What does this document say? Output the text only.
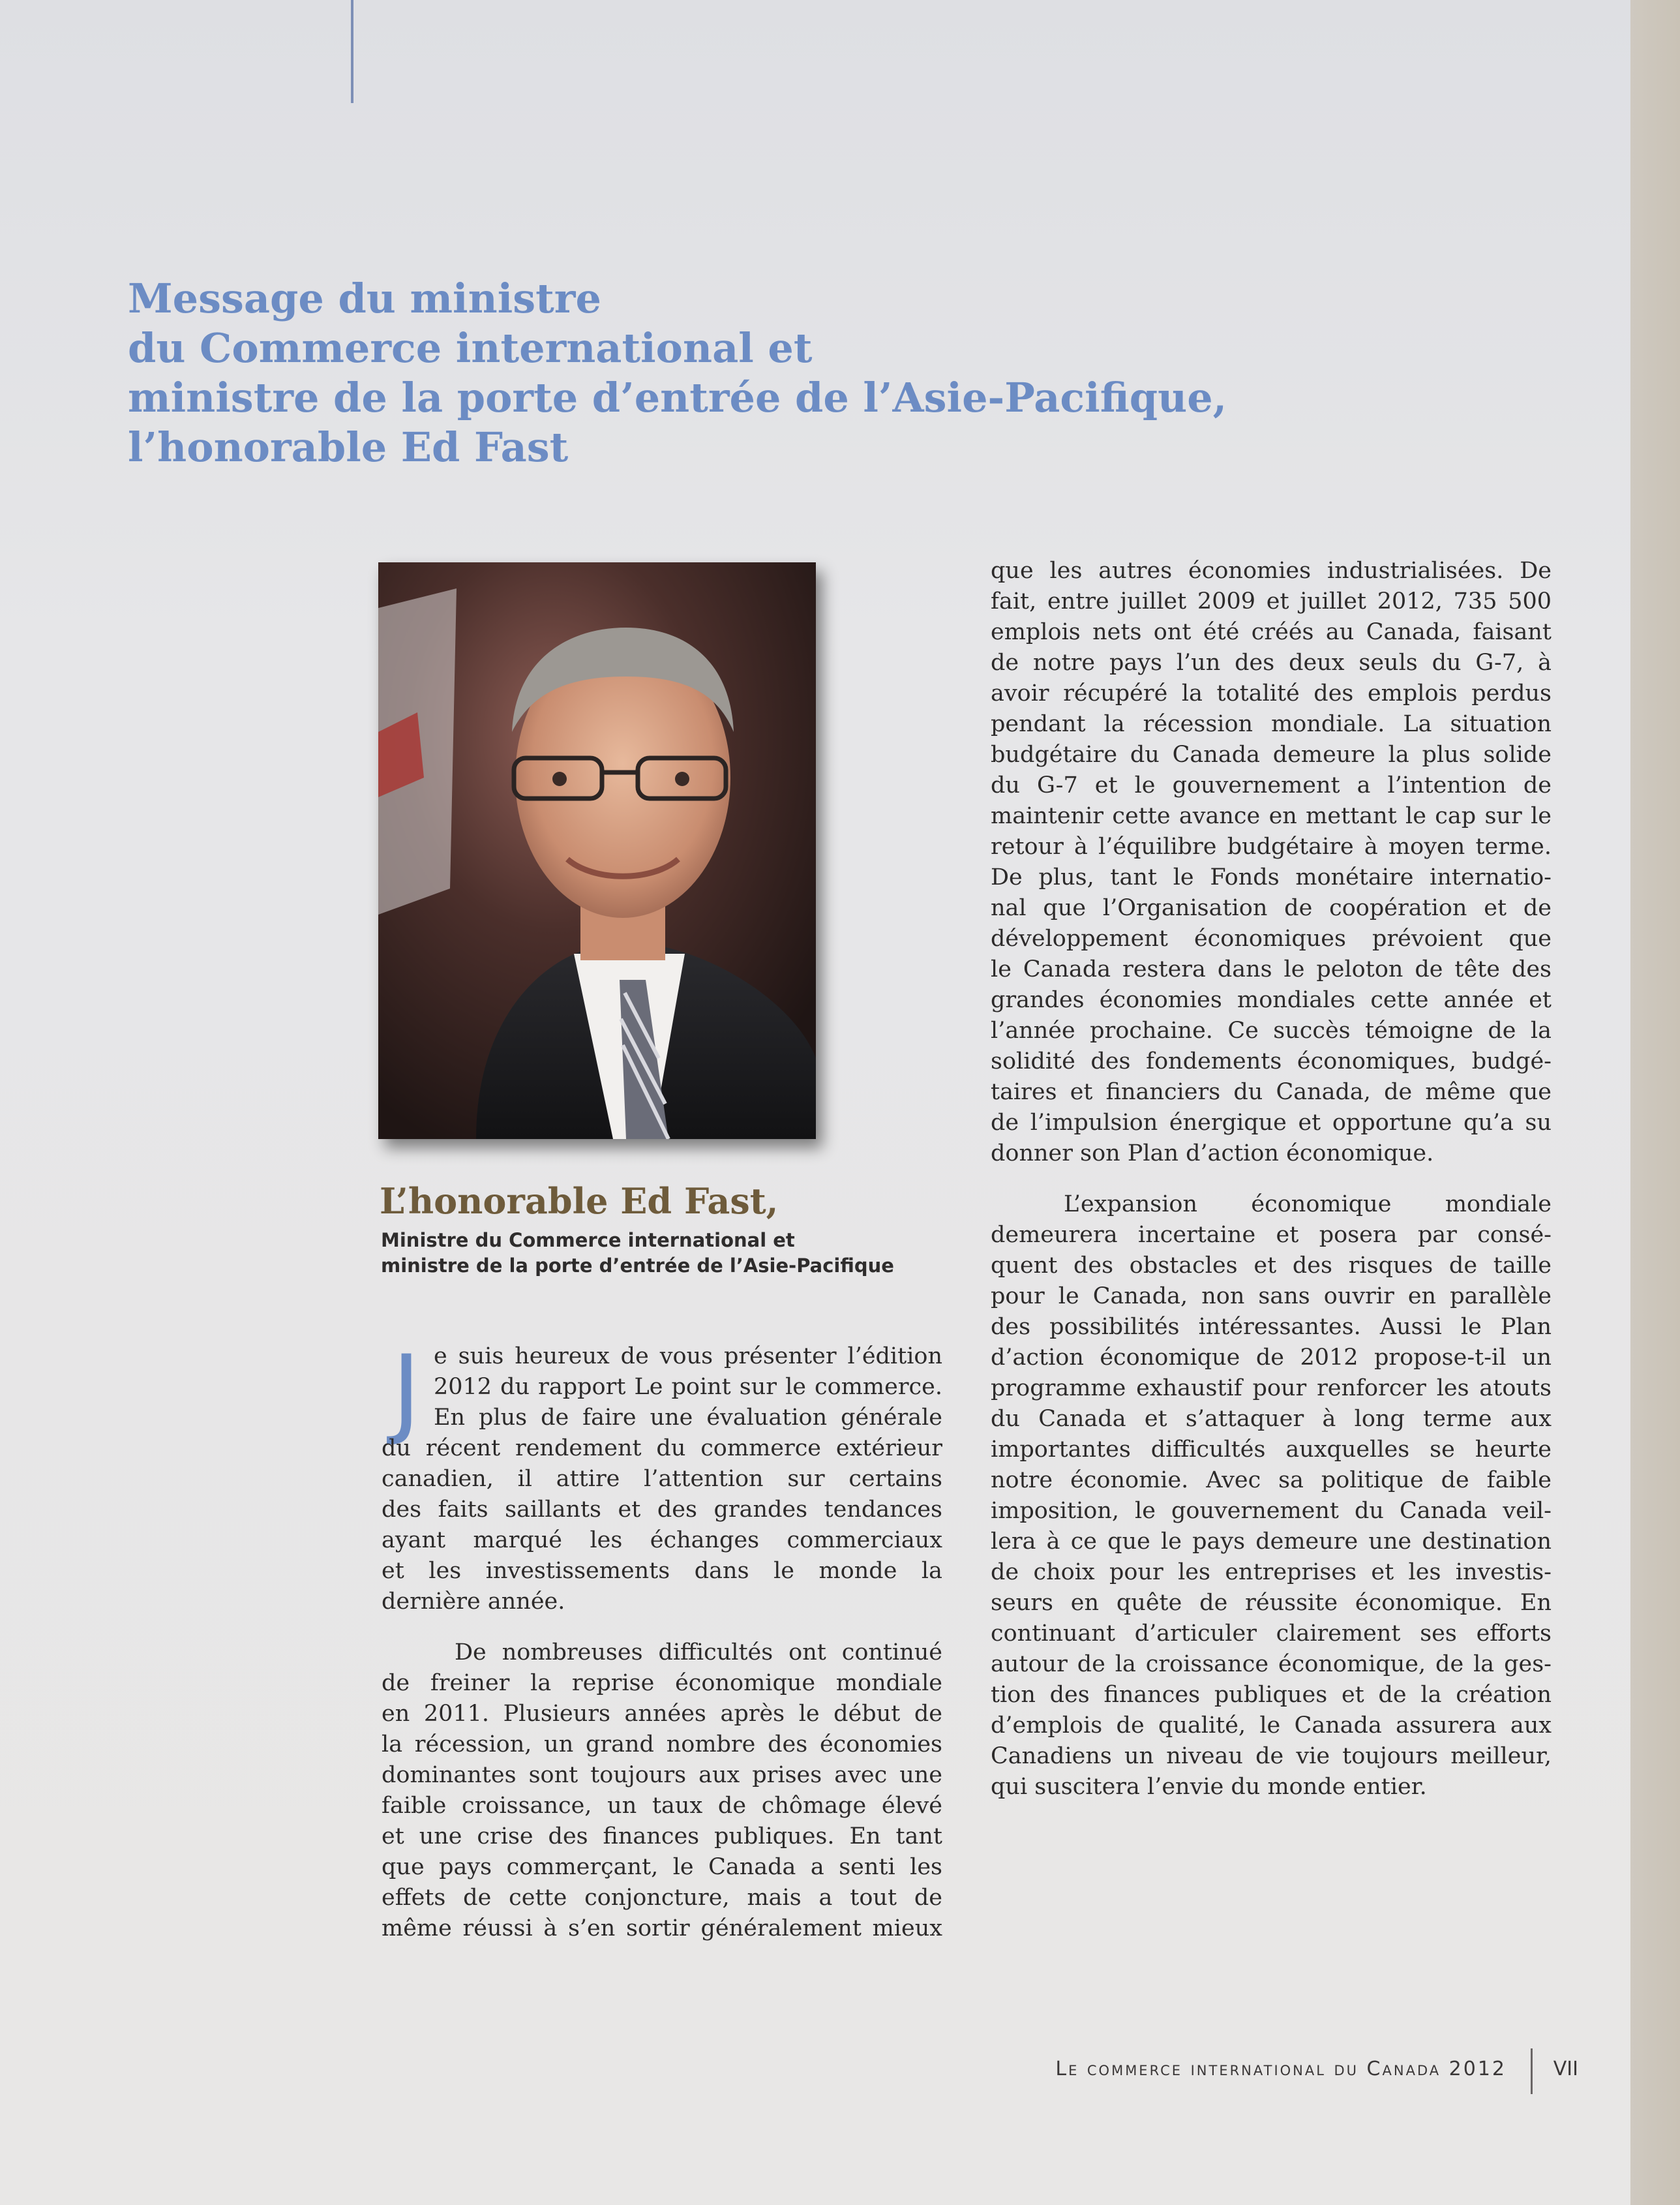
Message du ministre
du Commerce international et
ministre de la porte d’entrée de l’Asie-Pacifique,
l’honorable Ed Fast
L’honorable Ed Fast,
Ministre du Commerce international et
ministre de la porte d’entrée de l’Asie-Pacifique
J e suis heureux de vous présenter l’édition
2012 du rapport Le point sur le commerce.
En plus de faire une évaluation générale
du récent rendement du commerce extérieur
canadien, il attire l’attention sur certains
des faits saillants et des grandes tendances
ayant marqué les échanges commerciaux
et les investissements dans le monde la
dernière année.
De nombreuses difficultés ont continué
de freiner la reprise économique mondiale
en 2011. Plusieurs années après le début de
la récession, un grand nombre des économies
dominantes sont toujours aux prises avec une
faible croissance, un taux de chômage élevé
et une crise des finances publiques. En tant
que pays commerçant, le Canada a senti les
effets de cette conjoncture, mais a tout de
même réussi à s’en sortir généralement mieux
que les autres économies industrialisées. De
fait, entre juillet 2009 et juillet 2012, 735 500
emplois nets ont été créés au Canada, faisant
de notre pays l’un des deux seuls du G-7, à
avoir récupéré la totalité des emplois perdus
pendant la récession mondiale. La situation
budgétaire du Canada demeure la plus solide
du G-7 et le gouvernement a l’intention de
maintenir cette avance en mettant le cap sur le
retour à l’équilibre budgétaire à moyen terme.
De plus, tant le Fonds monétaire internatio-
nal que l’Organisation de coopération et de
développement économiques prévoient que
le Canada restera dans le peloton de tête des
grandes économies mondiales cette année et
l’année prochaine. Ce succès témoigne de la
solidité des fondements économiques, budgé-
taires et financiers du Canada, de même que
de l’impulsion énergique et opportune qu’a su
donner son Plan d’action économique.
L’expansion économique mondiale
demeurera incertaine et posera par consé-
quent des obstacles et des risques de taille
pour le Canada, non sans ouvrir en parallèle
des possibilités intéressantes. Aussi le Plan
d’action économique de 2012 propose-t-il un
programme exhaustif pour renforcer les atouts
du Canada et s’attaquer à long terme aux
importantes difficultés auxquelles se heurte
notre économie. Avec sa politique de faible
imposition, le gouvernement du Canada veil-
lera à ce que le pays demeure une destination
de choix pour les entreprises et les investis-
seurs en quête de réussite économique. En
continuant d’articuler clairement ses efforts
autour de la croissance économique, de la ges-
tion des finances publiques et de la création
d’emplois de qualité, le Canada assurera aux
Canadiens un niveau de vie toujours meilleur,
qui suscitera l’envie du monde entier.
Le commerce international du Canada 2012 VII
